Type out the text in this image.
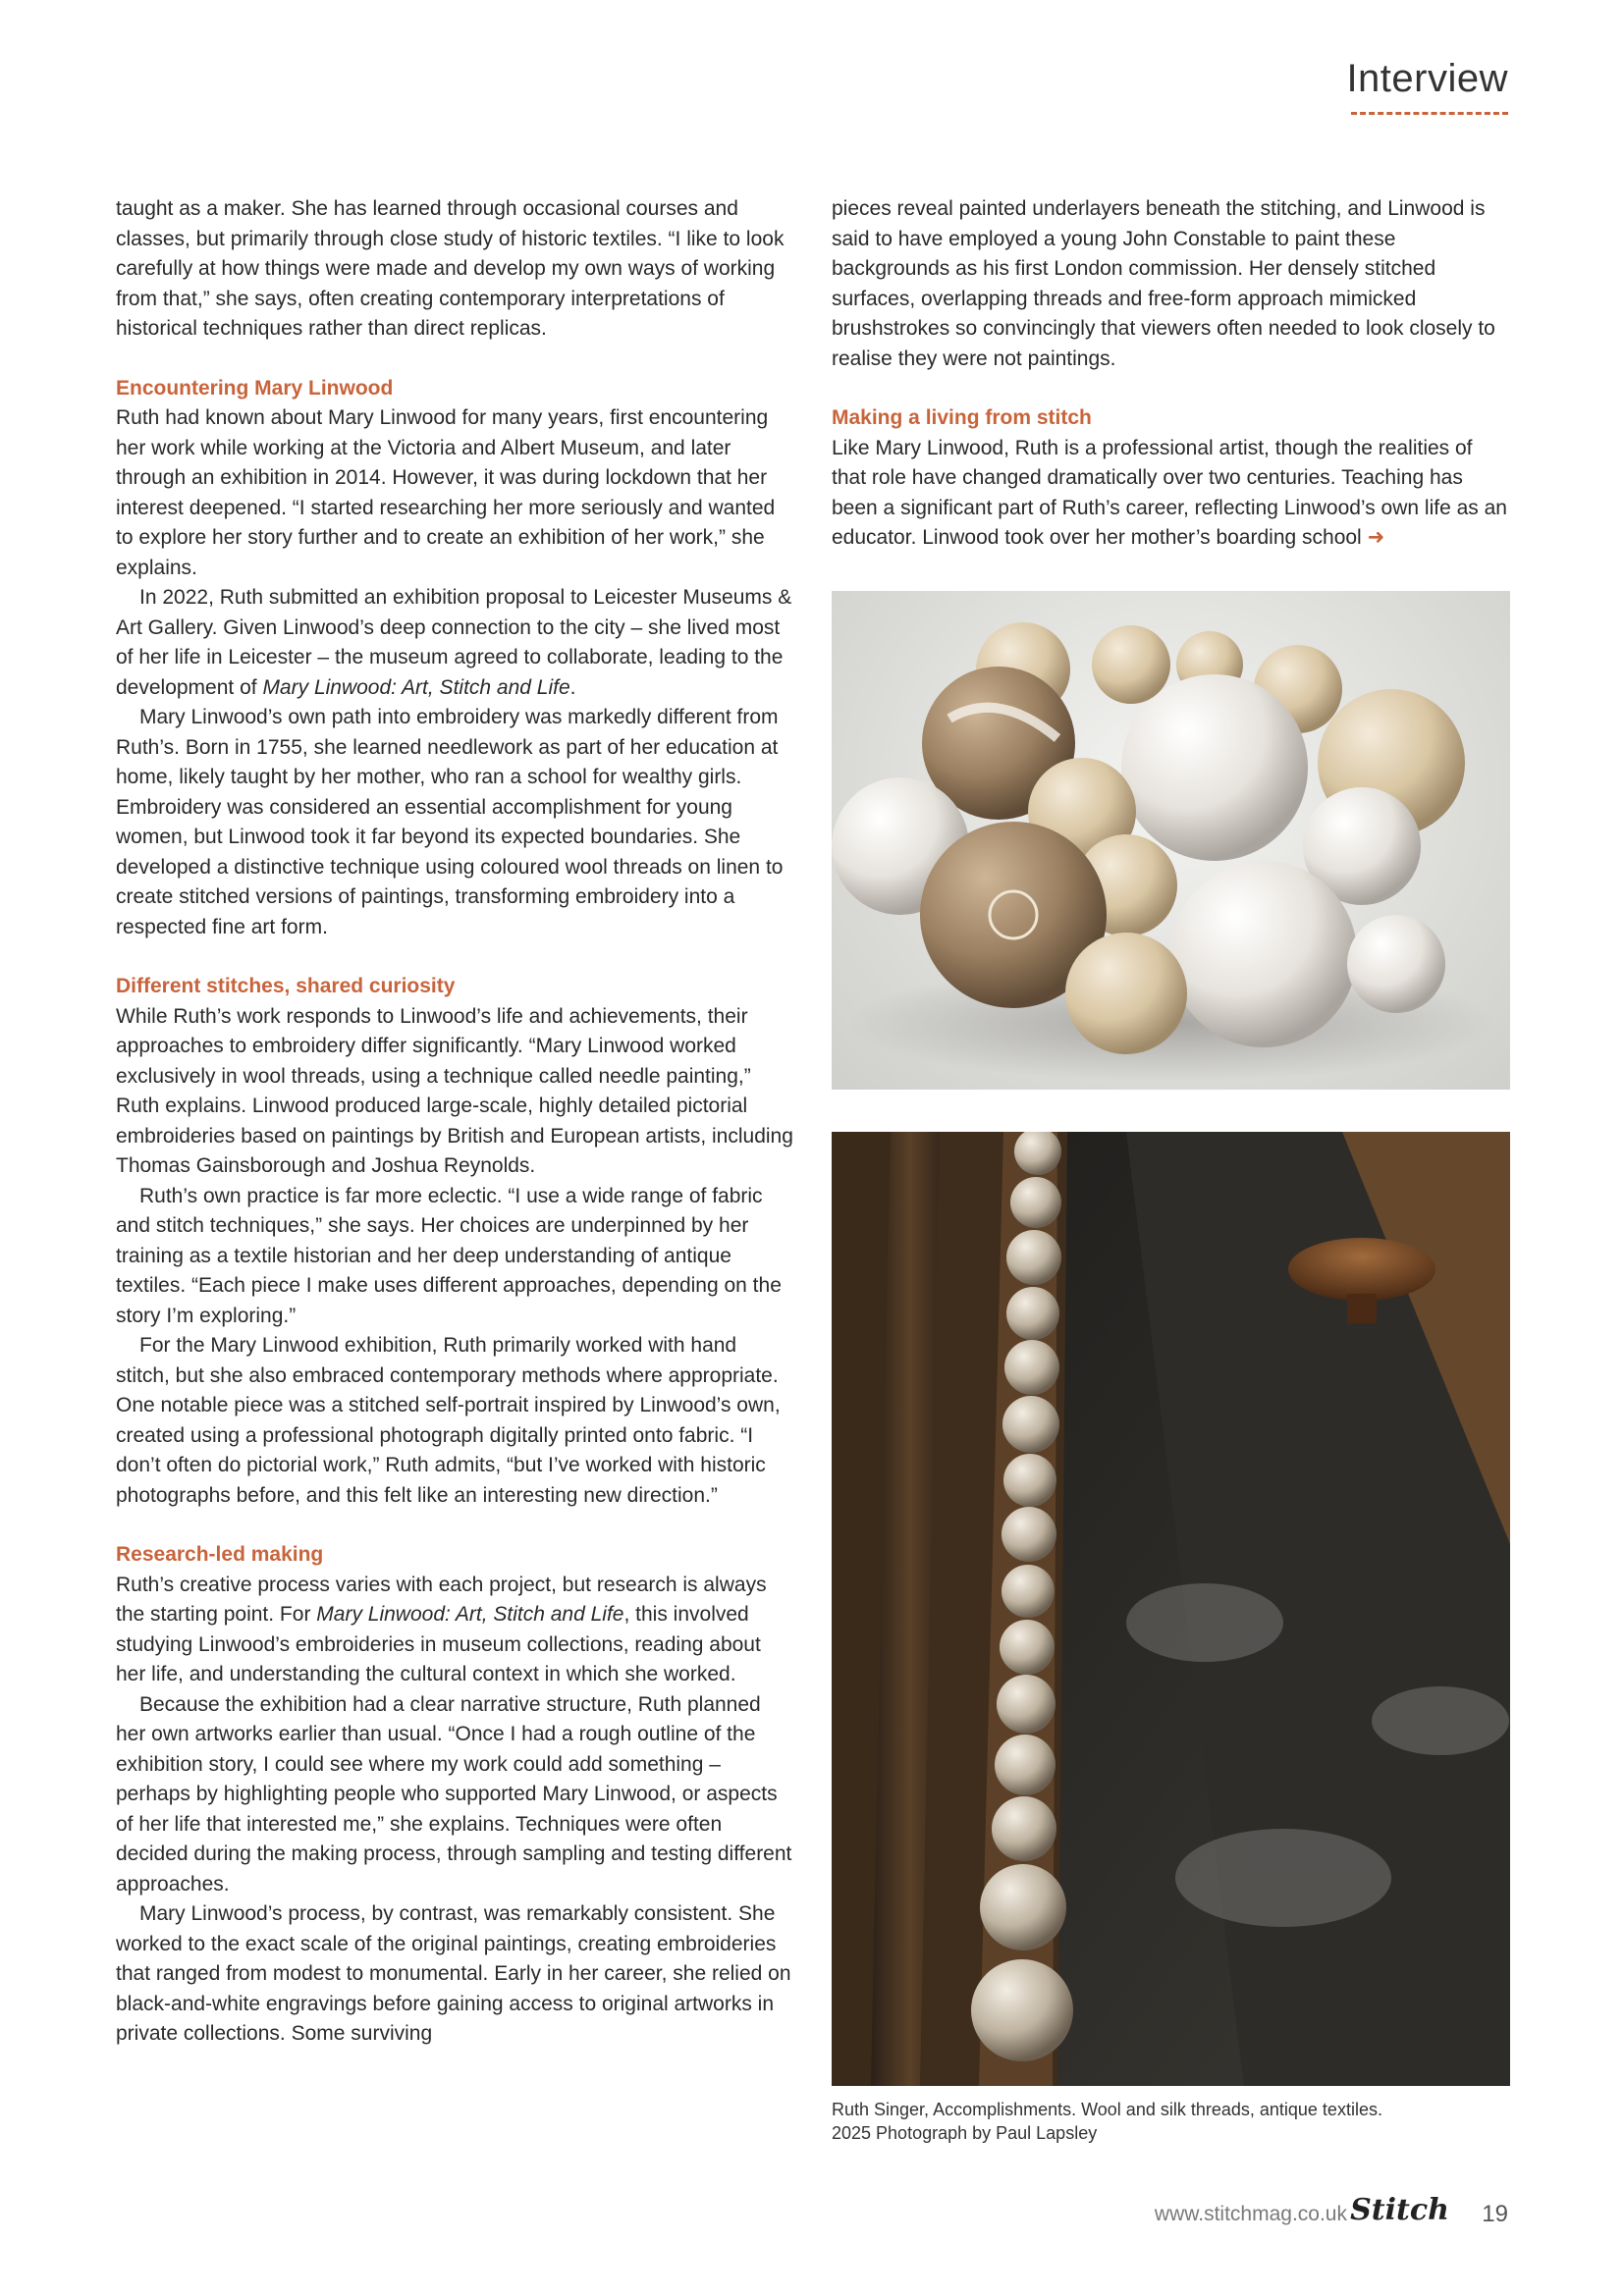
Interview

taught as a maker. She has learned through occasional courses and classes, but primarily through close study of historic textiles. “I like to look carefully at how things were made and develop my own ways of working from that,” she says, often creating contemporary interpretations of historical techniques rather than direct replicas.

Encountering Mary Linwood

Ruth had known about Mary Linwood for many years, first encountering her work while working at the Victoria and Albert Museum, and later through an exhibition in 2014. However, it was during lockdown that her interest deepened. “I started researching her more seriously and wanted to explore her story further and to create an exhibition of her work,” she explains.

In 2022, Ruth submitted an exhibition proposal to Leicester Museums & Art Gallery. Given Linwood’s deep connection to the city – she lived most of her life in Leicester – the museum agreed to collaborate, leading to the development of Mary Linwood: Art, Stitch and Life.

Mary Linwood’s own path into embroidery was markedly different from Ruth’s. Born in 1755, she learned needlework as part of her education at home, likely taught by her mother, who ran a school for wealthy girls. Embroidery was considered an essential accomplishment for young women, but Linwood took it far beyond its expected boundaries. She developed a distinctive technique using coloured wool threads on linen to create stitched versions of paintings, transforming embroidery into a respected fine art form.

Different stitches, shared curiosity

While Ruth’s work responds to Linwood’s life and achievements, their approaches to embroidery differ significantly. “Mary Linwood worked exclusively in wool threads, using a technique called needle painting,” Ruth explains. Linwood produced large-scale, highly detailed pictorial embroideries based on paintings by British and European artists, including Thomas Gainsborough and Joshua Reynolds.

Ruth’s own practice is far more eclectic. “I use a wide range of fabric and stitch techniques,” she says. Her choices are underpinned by her training as a textile historian and her deep understanding of antique textiles. “Each piece I make uses different approaches, depending on the story I’m exploring.”

For the Mary Linwood exhibition, Ruth primarily worked with hand stitch, but she also embraced contemporary methods where appropriate. One notable piece was a stitched self-portrait inspired by Linwood’s own, created using a professional photograph digitally printed onto fabric. “I don’t often do pictorial work,” Ruth admits, “but I’ve worked with historic photographs before, and this felt like an interesting new direction.”

Research-led making

Ruth’s creative process varies with each project, but research is always the starting point. For Mary Linwood: Art, Stitch and Life, this involved studying Linwood’s embroideries in museum collections, reading about her life, and understanding the cultural context in which she worked.

Because the exhibition had a clear narrative structure, Ruth planned her own artworks earlier than usual. “Once I had a rough outline of the exhibition story, I could see where my work could add something – perhaps by highlighting people who supported Mary Linwood, or aspects of her life that interested me,” she explains. Techniques were often decided during the making process, through sampling and testing different approaches.

Mary Linwood’s process, by contrast, was remarkably consistent. She worked to the exact scale of the original paintings, creating embroideries that ranged from modest to monumental. Early in her career, she relied on black-and-white engravings before gaining access to original artworks in private collections. Some surviving

pieces reveal painted underlayers beneath the stitching, and Linwood is said to have employed a young John Constable to paint these backgrounds as his first London commission. Her densely stitched surfaces, overlapping threads and free-form approach mimicked brushstrokes so convincingly that viewers often needed to look closely to realise they were not paintings.

Making a living from stitch

Like Mary Linwood, Ruth is a professional artist, though the realities of that role have changed dramatically over two centuries. Teaching has been a significant part of Ruth’s career, reflecting Linwood’s own life as an educator. Linwood took over her mother’s boarding school ➜

Ruth Singer, Accomplishments. Wool and silk threads, antique textiles.
2025 Photograph by Paul Lapsley
www.stitchmag.co.uk Stitch 19
